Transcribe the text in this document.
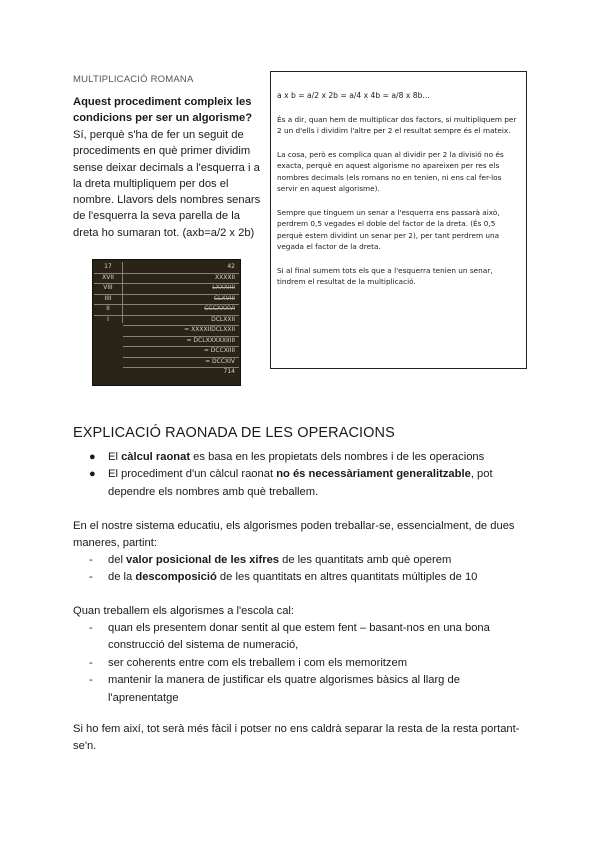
MULTIPLICACIÓ ROMANA
Aquest procediment compleix les condicions per ser un algorisme?
Sí, perquè s'ha de fer un seguit de procediments en què primer dividim sense deixar decimals a l'esquerra i a la dreta multipliquem per dos el nombre. Llavors dels nombres senars de l'esquerra la seva parella de la dreta ho sumaran tot. (axb=a/2 x 2b)
17	42
XVII	XXXXII
VIII	LXXXIIII
IIII	CLXVIII
II	CCCXXXVI
I	DCLXXII
= XXXXIIDCLXXII
= DCLXXXXXIIIII
= DCCXIIII
= DCCXIV
714

a x b = a/2 x 2b = a/4 x 4b = a/8 x 8b…

És a dir, quan hem de multiplicar dos factors, si multipliquem per 2 un d'ells i dividim l'altre per 2 el resultat sempre és el mateix.

La cosa, però es complica quan al dividir per 2 la divisió no és exacta, perquè en aquest algorisme no apareixen per res els nombres decimals (els romans no en tenien, ni ens cal fer-los servir en aquest algorisme).

Sempre que tinguem un senar a l'esquerra ens passarà això, perdrem 0,5 vegades el doble del factor de la dreta. (És 0,5 perquè estem dividint un senar per 2), per tant perdrem una vegada el factor de la dreta.

Si al final sumem tots els que a l'esquerra tenien un senar, tindrem el resultat de la multiplicació.

EXPLICACIÓ RAONADA DE LES OPERACIONS
● El càlcul raonat es basa en les propietats dels nombres i de les operacions
● El procediment d'un càlcul raonat no és necessàriament generalitzable, pot dependre els nombres amb què treballem.
En el nostre sistema educatiu, els algorismes poden treballar-se, essencialment, de dues maneres, partint:
- del valor posicional de les xifres de les quantitats amb què operem
- de la descomposició de les quantitats en altres quantitats múltiples de 10
Quan treballem els algorismes a l'escola cal:
- quan els presentem donar sentit al que estem fent – basant-nos en una bona construcció del sistema de numeració,
- ser coherents entre com els treballem i com els memoritzem
- mantenir la manera de justificar els quatre algorismes bàsics al llarg de l'aprenentatge
Si ho fem així, tot serà més fàcil i potser no ens caldrà separar la resta de la resta portant-se'n.
